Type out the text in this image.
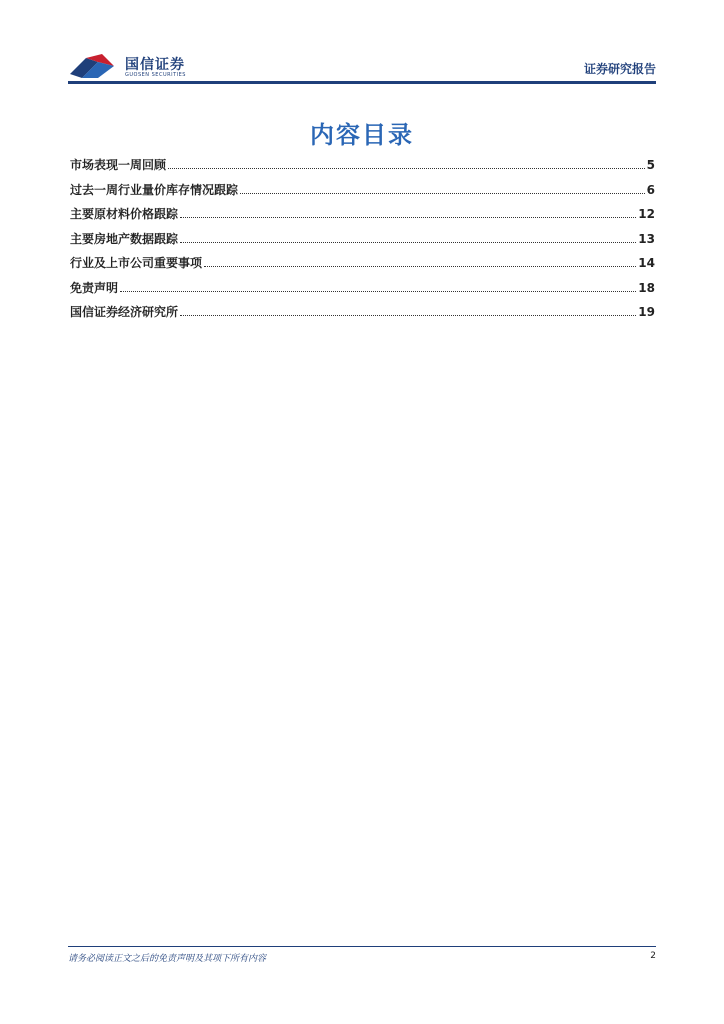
国信证券
GUOSEN SECURITIES	证券研究报告
内容目录
市场表现一周回顾	5
过去一周行业量价库存情况跟踪	6
主要原材料价格跟踪	12
主要房地产数据跟踪	13
行业及上市公司重要事项	14
免责声明	18
国信证券经济研究所	19
请务必阅读正文之后的免责声明及其项下所有内容	2
